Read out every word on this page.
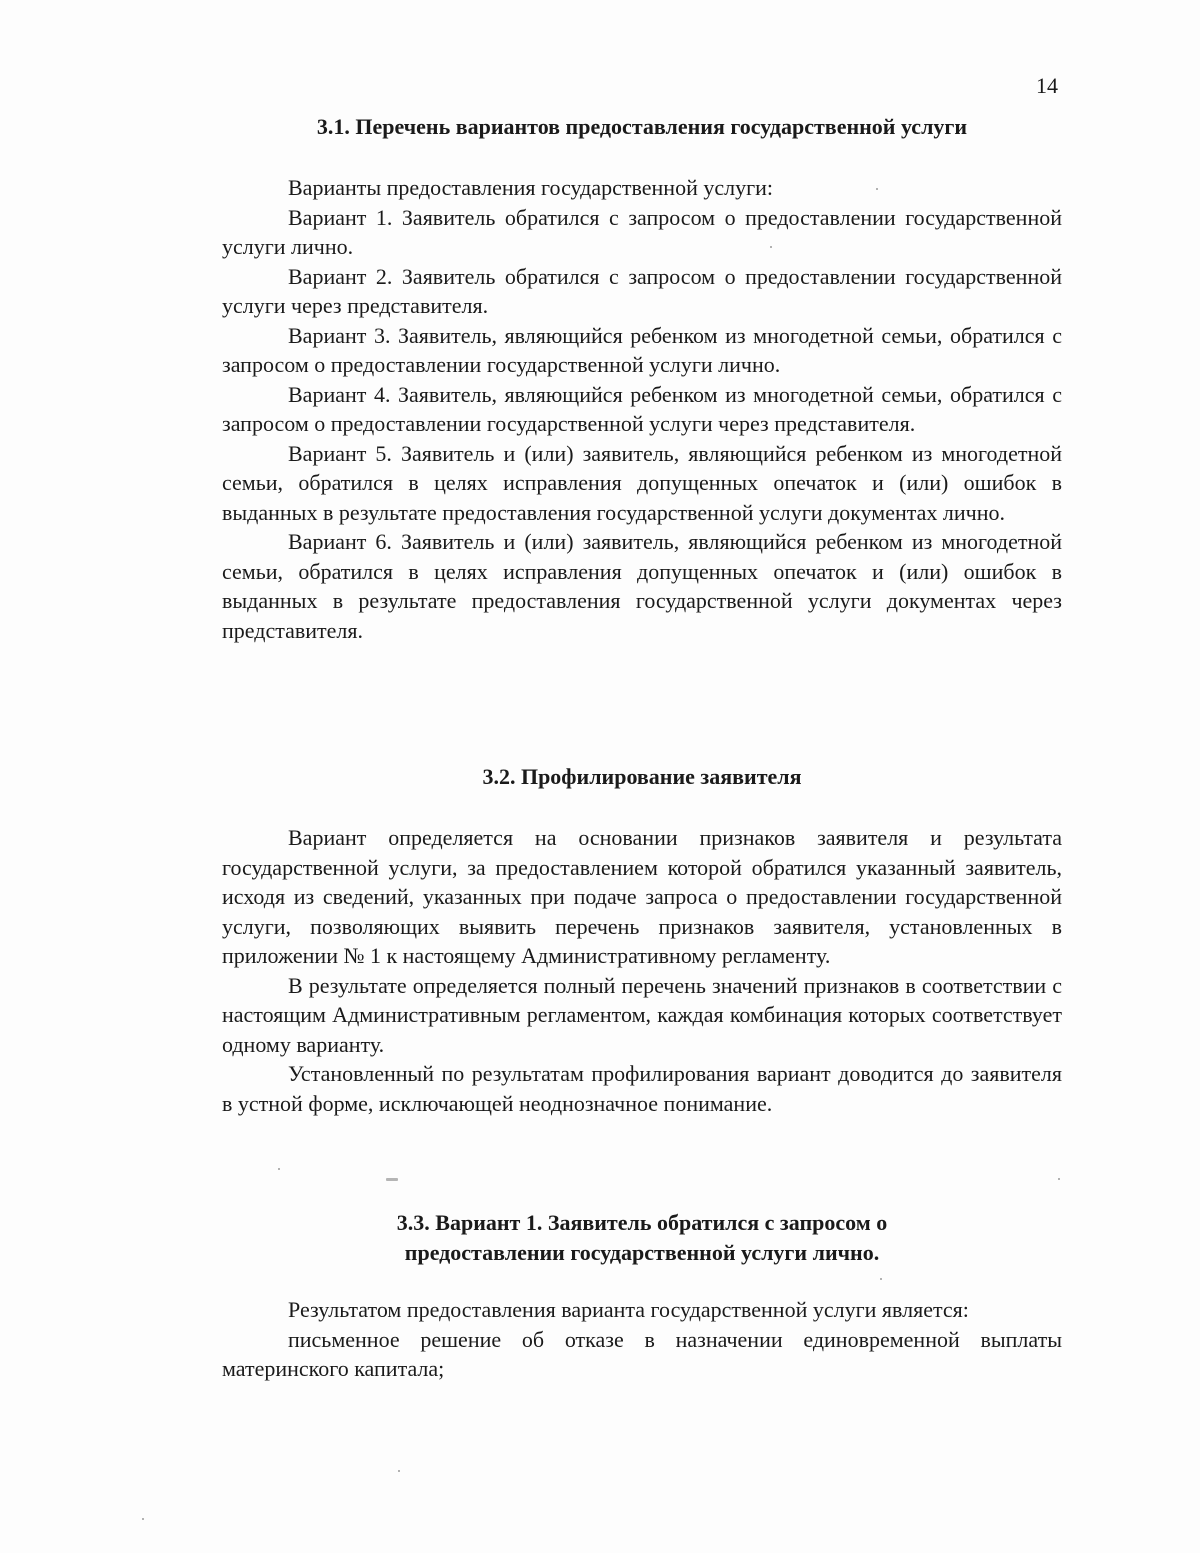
14
3.1. Перечень вариантов предоставления государственной услуги

Варианты предоставления государственной услуги:

Вариант 1. Заявитель обратился с запросом о предоставлении государственной услуги лично.

Вариант 2. Заявитель обратился с запросом о предоставлении государственной услуги через представителя.

Вариант 3. Заявитель, являющийся ребенком из многодетной семьи, обратился с запросом о предоставлении государственной услуги лично.

Вариант 4. Заявитель, являющийся ребенком из многодетной семьи, обратился с запросом о предоставлении государственной услуги через представителя.

Вариант 5. Заявитель и (или) заявитель, являющийся ребенком из многодетной семьи, обратился в целях исправления допущенных опечаток и (или) ошибок в выданных в результате предоставления государственной услуги документах лично.

Вариант 6. Заявитель и (или) заявитель, являющийся ребенком из многодетной семьи, обратился в целях исправления допущенных опечаток и (или) ошибок в выданных в результате предоставления государственной услуги документах через представителя.

3.2. Профилирование заявителя

Вариант определяется на основании признаков заявителя и результата государственной услуги, за предоставлением которой обратился указанный заявитель, исходя из сведений, указанных при подаче запроса о предоставлении государственной услуги, позволяющих выявить перечень признаков заявителя, установленных в приложении № 1 к настоящему Административному регламенту.

В результате определяется полный перечень значений признаков в соответствии с настоящим Административным регламентом, каждая комбинация которых соответствует одному варианту.

Установленный по результатам профилирования вариант доводится до заявителя в устной форме, исключающей неоднозначное понимание.

3.3. Вариант 1. Заявитель обратился с запросом о
предоставлении государственной услуги лично.

Результатом предоставления варианта государственной услуги является:

письменное решение об отказе в назначении единовременной выплаты материнского капитала;
